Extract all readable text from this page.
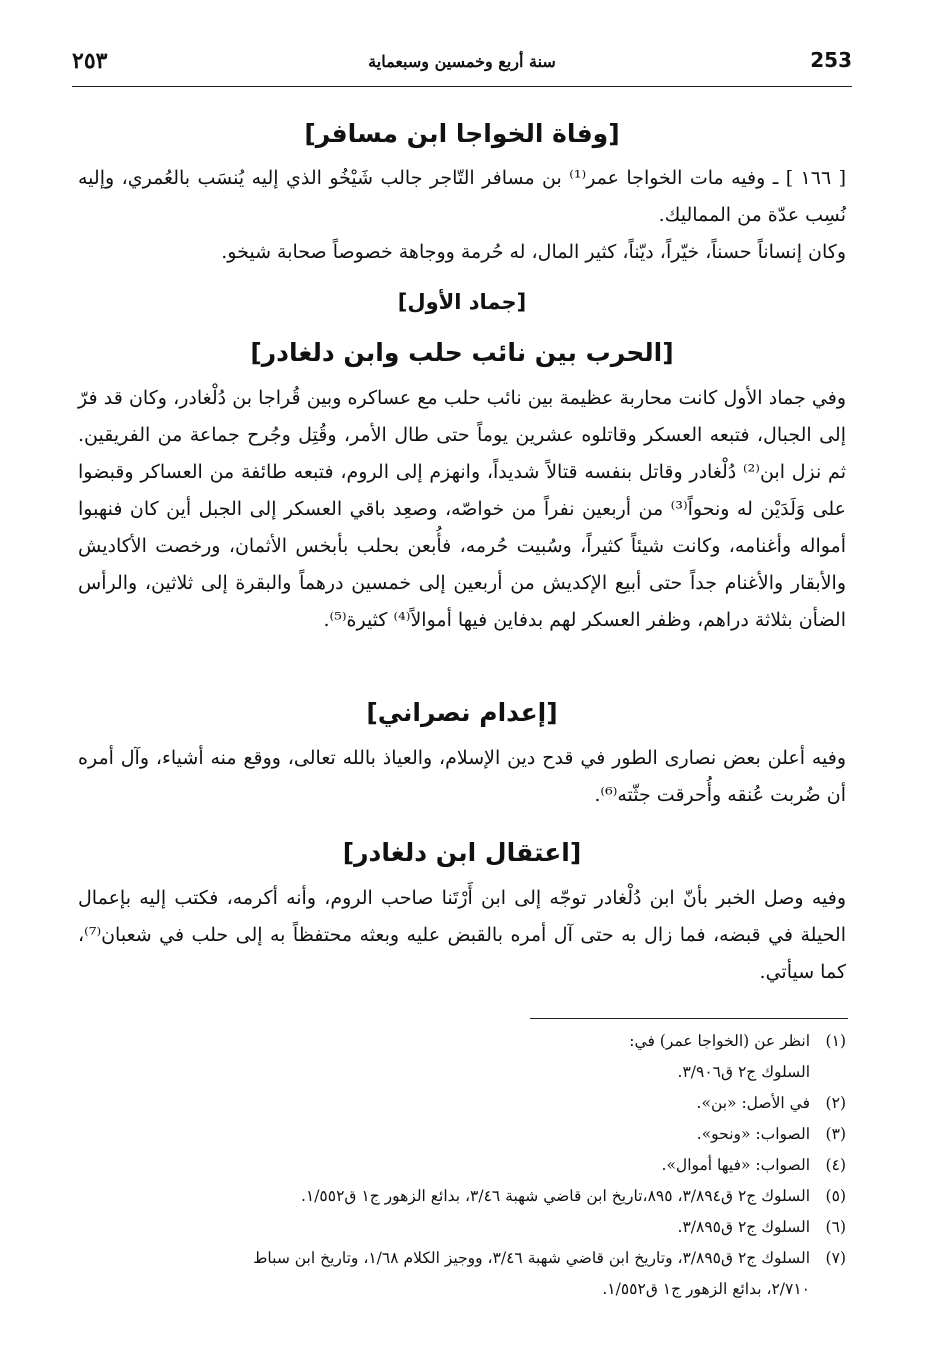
253
سنة أربع وخمسين وسبعماية
٢٥٣
[وفاة الخواجا ابن مسافر]
[ ١٦٦ ] ـ وفيه مات الخواجا عمر⁽¹⁾ بن مسافر التّاجر جالب شَيْخُو الذي إليه يُنسَب بالعُمري، وإليه نُسِب عدّة من المماليك.
وكان إنساناً حسناً، خيّراً، ديّناً، كثير المال، له حُرمة ووجاهة خصوصاً صحابة شيخو.
[جماد الأول]
[الحرب بين نائب حلب وابن دلغادر]
وفي جماد الأول كانت محاربة عظيمة بين نائب حلب مع عساكره وبين قُراجا بن دُلْغادر، وكان قد فرّ إلى الجبال، فتبعه العسكر وقاتلوه عشرين يوماً حتى طال الأمر، وقُتِل وجُرح جماعة من الفريقين. ثم نزل ابن⁽²⁾ دُلْغادر وقاتل بنفسه قتالاً شديداً، وانهزم إلى الروم، فتبعه طائفة من العساكر وقبضوا على وَلَدَيْن له ونحواً⁽³⁾ من أربعين نفراً من خواصّه، وصعِد باقي العسكر إلى الجبل أين كان فنهبوا أمواله وأغنامه، وكانت شيئاً كثيراً، وسُبيت حُرمه، فأُبعن بحلب بأبخس الأثمان، ورخصت الأكاديش والأبقار والأغنام جداً حتى أبيع الإكديش من أربعين إلى خمسين درهماً والبقرة إلى ثلاثين، والرأس الضأن بثلاثة دراهم، وظفر العسكر لهم بدفاين فيها أموالاً⁽⁴⁾ كثيرة⁽⁵⁾.
[إعدام نصراني]
وفيه أعلن بعض نصارى الطور في قدح دين الإسلام، والعياذ بالله تعالى، ووقع منه أشياء، وآل أمره أن ضُربت عُنقه وأُحرقت جثّته⁽⁶⁾.
[اعتقال ابن دلغادر]
وفيه وصل الخبر بأنّ ابن دُلْغادر توجّه إلى ابن أَرْتَنا صاحب الروم، وأنه أكرمه، فكتب إليه بإعمال الحيلة في قبضه، فما زال به حتى آل أمره بالقبض عليه وبعثه محتفظاً به إلى حلب في شعبان⁽⁷⁾، كما سيأتي.
(١)انظر عن (الخواجا عمر) في:
السلوك ج٢ ق٣/٩٠٦.
(٢)في الأصل: «بن».
(٣)الصواب: «ونحو».
(٤)الصواب: «فيها أموال».
(٥)السلوك ج٢ ق٣/٨٩٤، ٨٩٥،تاريخ ابن قاضي شهبة ٣/٤٦، بدائع الزهور ج١ ق١/٥٥٢.
(٦)السلوك ج٢ ق٣/٨٩٥.
(٧)السلوك ج٢ ق٣/٨٩٥، وتاريخ ابن قاضي شهبة ٣/٤٦، ووجيز الكلام ١/٦٨، وتاريخ ابن سباط
٢/٧١٠، بدائع الزهور ج١ ق١/٥٥٢.
